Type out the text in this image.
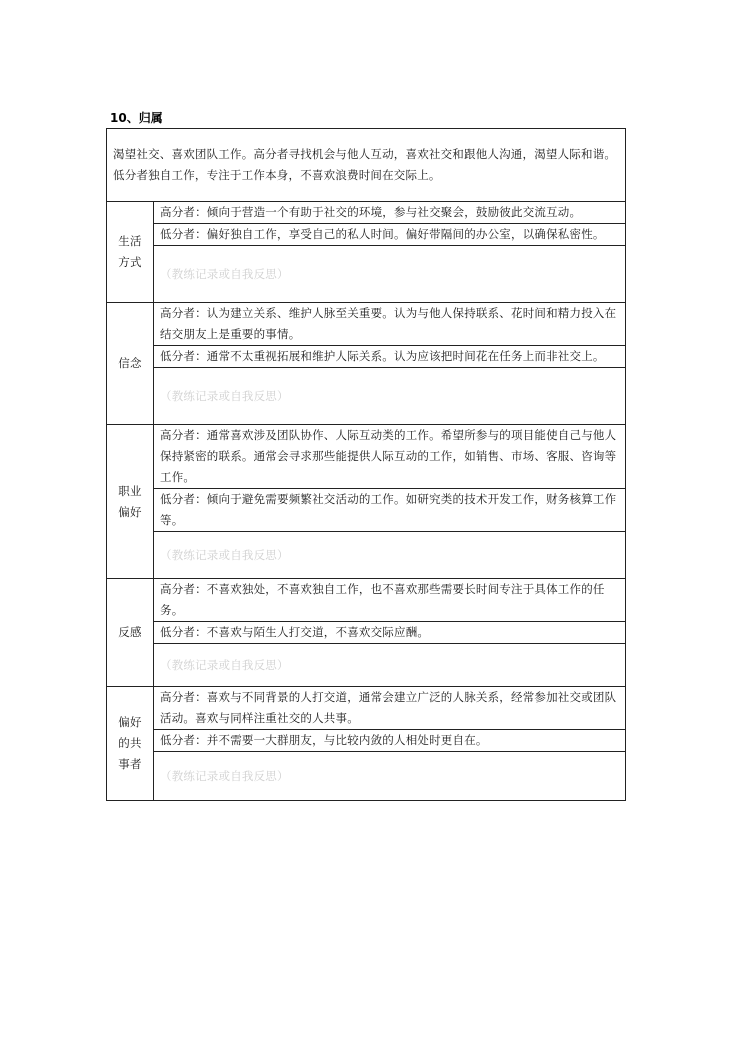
10、归属
渴望社交、喜欢团队工作。高分者寻找机会与他人互动，喜欢社交和跟他人沟通，渴望人际和谐。低分者独自工作，专注于工作本身，不喜欢浪费时间在交际上。	
生活方式	高分者：倾向于营造一个有助于社交的环境，参与社交聚会，鼓励彼此交流互动。
	低分者：偏好独自工作，享受自己的私人时间。偏好带隔间的办公室，以确保私密性。
	（教练记录或自我反思）
信念	高分者：认为建立关系、维护人脉至关重要。认为与他人保持联系、花时间和精力投入在结交朋友上是重要的事情。
	低分者：通常不太重视拓展和维护人际关系。认为应该把时间花在任务上而非社交上。
	（教练记录或自我反思）
职业偏好	高分者：通常喜欢涉及团队协作、人际互动类的工作。希望所参与的项目能使自己与他人保持紧密的联系。通常会寻求那些能提供人际互动的工作，如销售、市场、客服、咨询等工作。
	低分者：倾向于避免需要频繁社交活动的工作。如研究类的技术开发工作，财务核算工作等。
	（教练记录或自我反思）
反感	高分者：不喜欢独处，不喜欢独自工作，也不喜欢那些需要长时间专注于具体工作的任务。
	低分者：不喜欢与陌生人打交道，不喜欢交际应酬。
	（教练记录或自我反思）
偏好的共事者	高分者：喜欢与不同背景的人打交道，通常会建立广泛的人脉关系，经常参加社交或团队活动。喜欢与同样注重社交的人共事。
	低分者：并不需要一大群朋友，与比较内敛的人相处时更自在。
	（教练记录或自我反思）
